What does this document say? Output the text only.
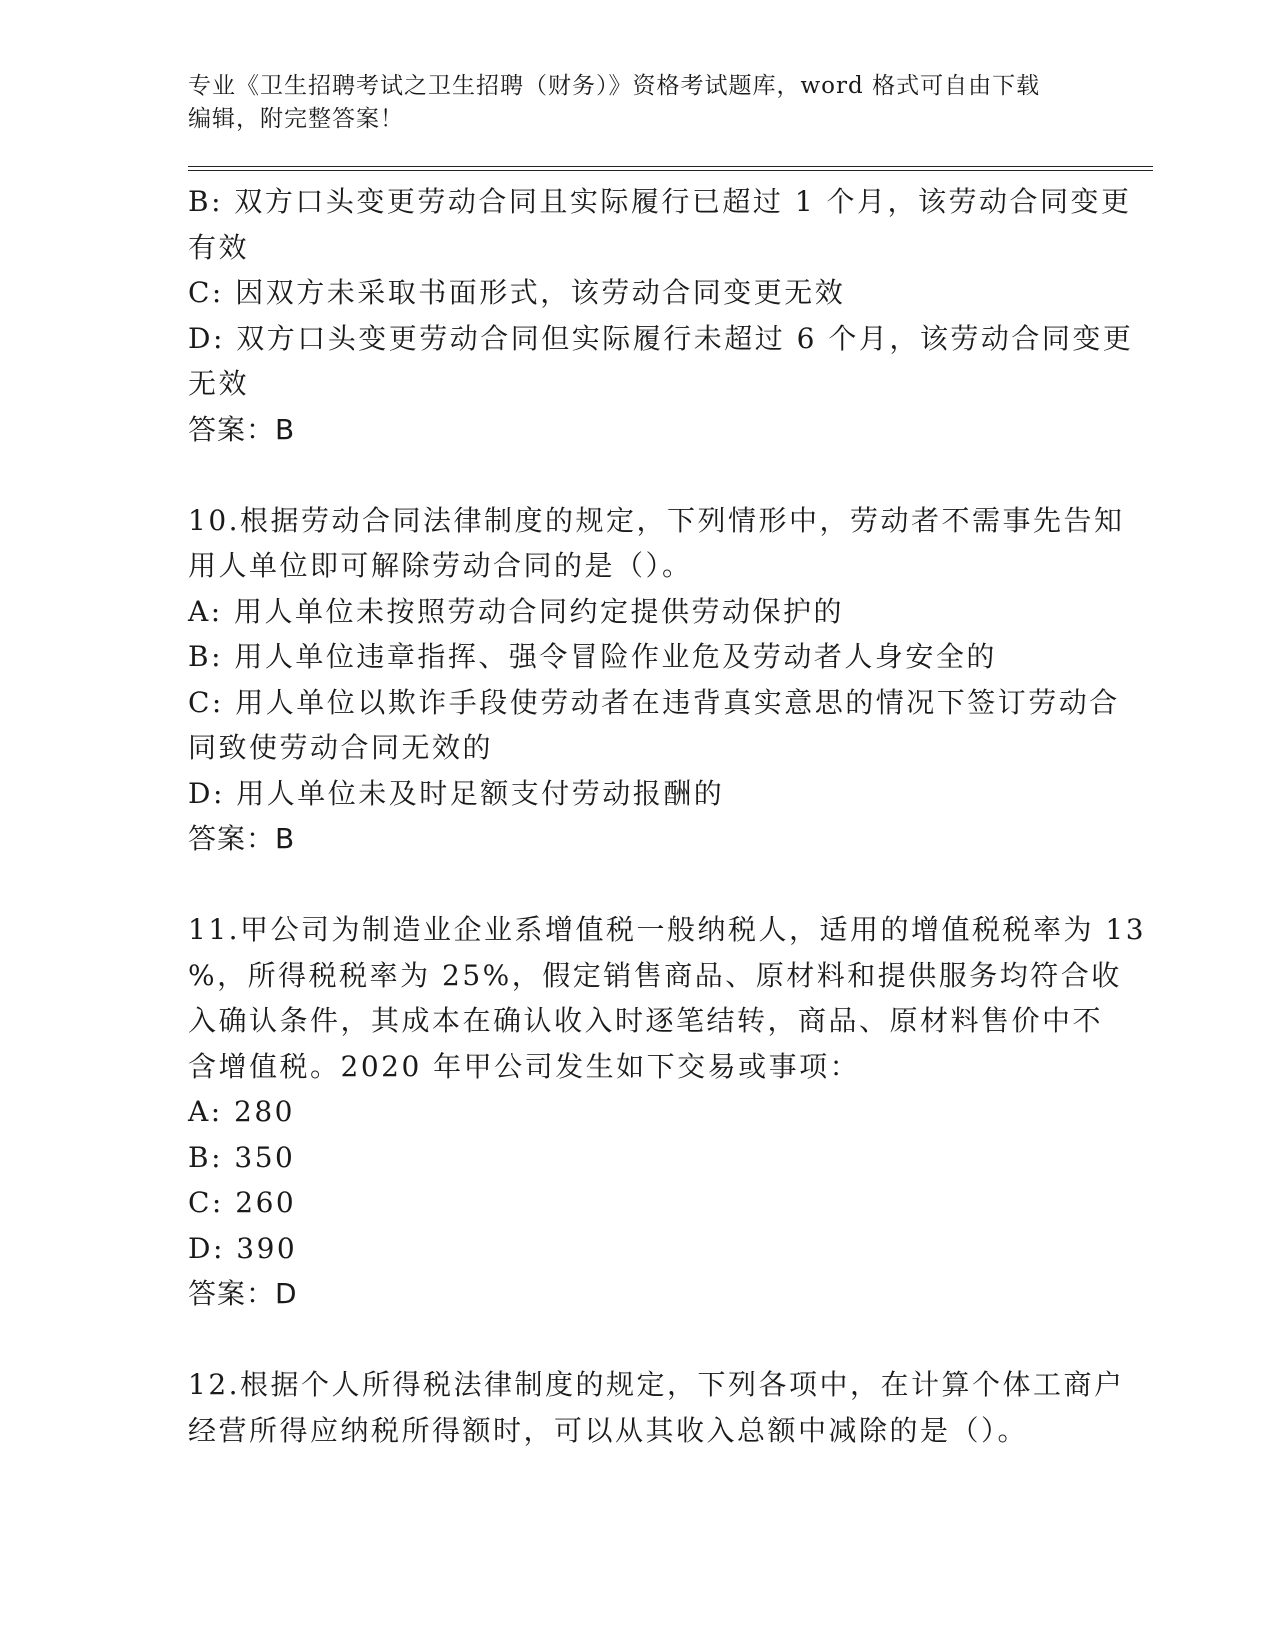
专业《卫生招聘考试之卫生招聘（财务）》资格考试题库，word 格式可自由下载

编辑，附完整答案！

B: 双方口头变更劳动合同且实际履行已超过 1 个月，该劳动合同变更

有效

C: 因双方未采取书面形式，该劳动合同变更无效

D: 双方口头变更劳动合同但实际履行未超过 6 个月，该劳动合同变更

无效

答案：B

10.根据劳动合同法律制度的规定，下列情形中，劳动者不需事先告知

用人单位即可解除劳动合同的是（）。

A: 用人单位未按照劳动合同约定提供劳动保护的

B: 用人单位违章指挥、强令冒险作业危及劳动者人身安全的

C: 用人单位以欺诈手段使劳动者在违背真实意思的情况下签订劳动合

同致使劳动合同无效的

D: 用人单位未及时足额支付劳动报酬的

答案：B

11.甲公司为制造业企业系增值税一般纳税人，适用的增值税税率为 13

%，所得税税率为 25%，假定销售商品、原材料和提供服务均符合收

入确认条件，其成本在确认收入时逐笔结转，商品、原材料售价中不

含增值税。2020 年甲公司发生如下交易或事项：

A: 280

B: 350

C: 260

D: 390

答案：D

12.根据个人所得税法律制度的规定，下列各项中，在计算个体工商户

经营所得应纳税所得额时，可以从其收入总额中减除的是（）。
